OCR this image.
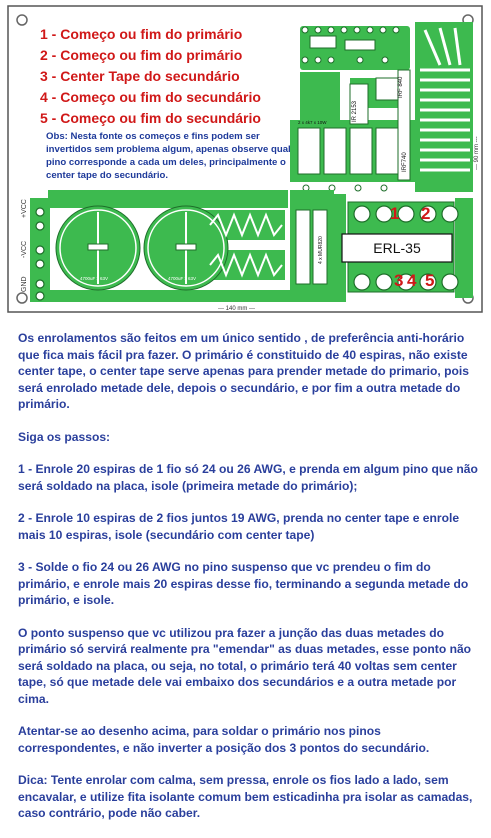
+VCC
-VCC
GND	4700uF x 63V	4700uF x 63V
--- 140 mm ---
--- 90 mm ---
IR 2153
IRF740
IRF 840
4 x MUR820
2 x 4k7 x 10W
ERL-35
1 - Começo ou fim do primário
2 - Começo ou fim do primário
3 - Center Tape do secundário
4 - Começo ou fim do secundário
5 - Começo ou fim do secundário
Obs: Nesta fonte os começos e fins podem ser invertidos sem problema algum, apenas observe qual pino corresponde a cada um deles, principalmente o center tape do secundário.
1 2
3 4 5

Os enrolamentos são feitos em um único sentido , de preferência anti-horário que fica mais fácil pra fazer. O primário é constituido de 40 espiras, não existe center tape, o center tape serve apenas para prender metade do primario, pois será enrolado metade dele, depois o secundário, e por fim a outra metade do primário.

Siga os passos:

1 - Enrole 20 espiras de 1 fio só 24 ou 26 AWG, e prenda em algum pino que não será soldado na placa, isole (primeira metade do primário);

2 - Enrole 10 espiras de 2 fios juntos 19 AWG, prenda no center tape e enrole mais 10 espiras, isole (secundário com center tape)

3 - Solde o fio 24 ou 26 AWG no pino suspenso que vc prendeu o fim do primário, e enrole mais 20 espiras desse fio, terminando a segunda metade do primário, e isole.

O ponto suspenso que vc utilizou pra fazer a junção das duas metades do primário só servirá realmente pra "emendar" as duas metades, esse ponto não será soldado na placa, ou seja, no total, o primário terá 40 voltas sem center tape, só que metade dele vai embaixo dos secundários e a outra metade por cima.

Atentar-se ao desenho acima, para soldar o primário nos pinos correspondentes, e não inverter a posição dos 3 pontos do secundário.

Dica: Tente enrolar com calma, sem pressa, enrole os fios lado a lado, sem encavalar, e utilize fita isolante comum bem esticadinha pra isolar as camadas, caso contrário, pode não caber.
